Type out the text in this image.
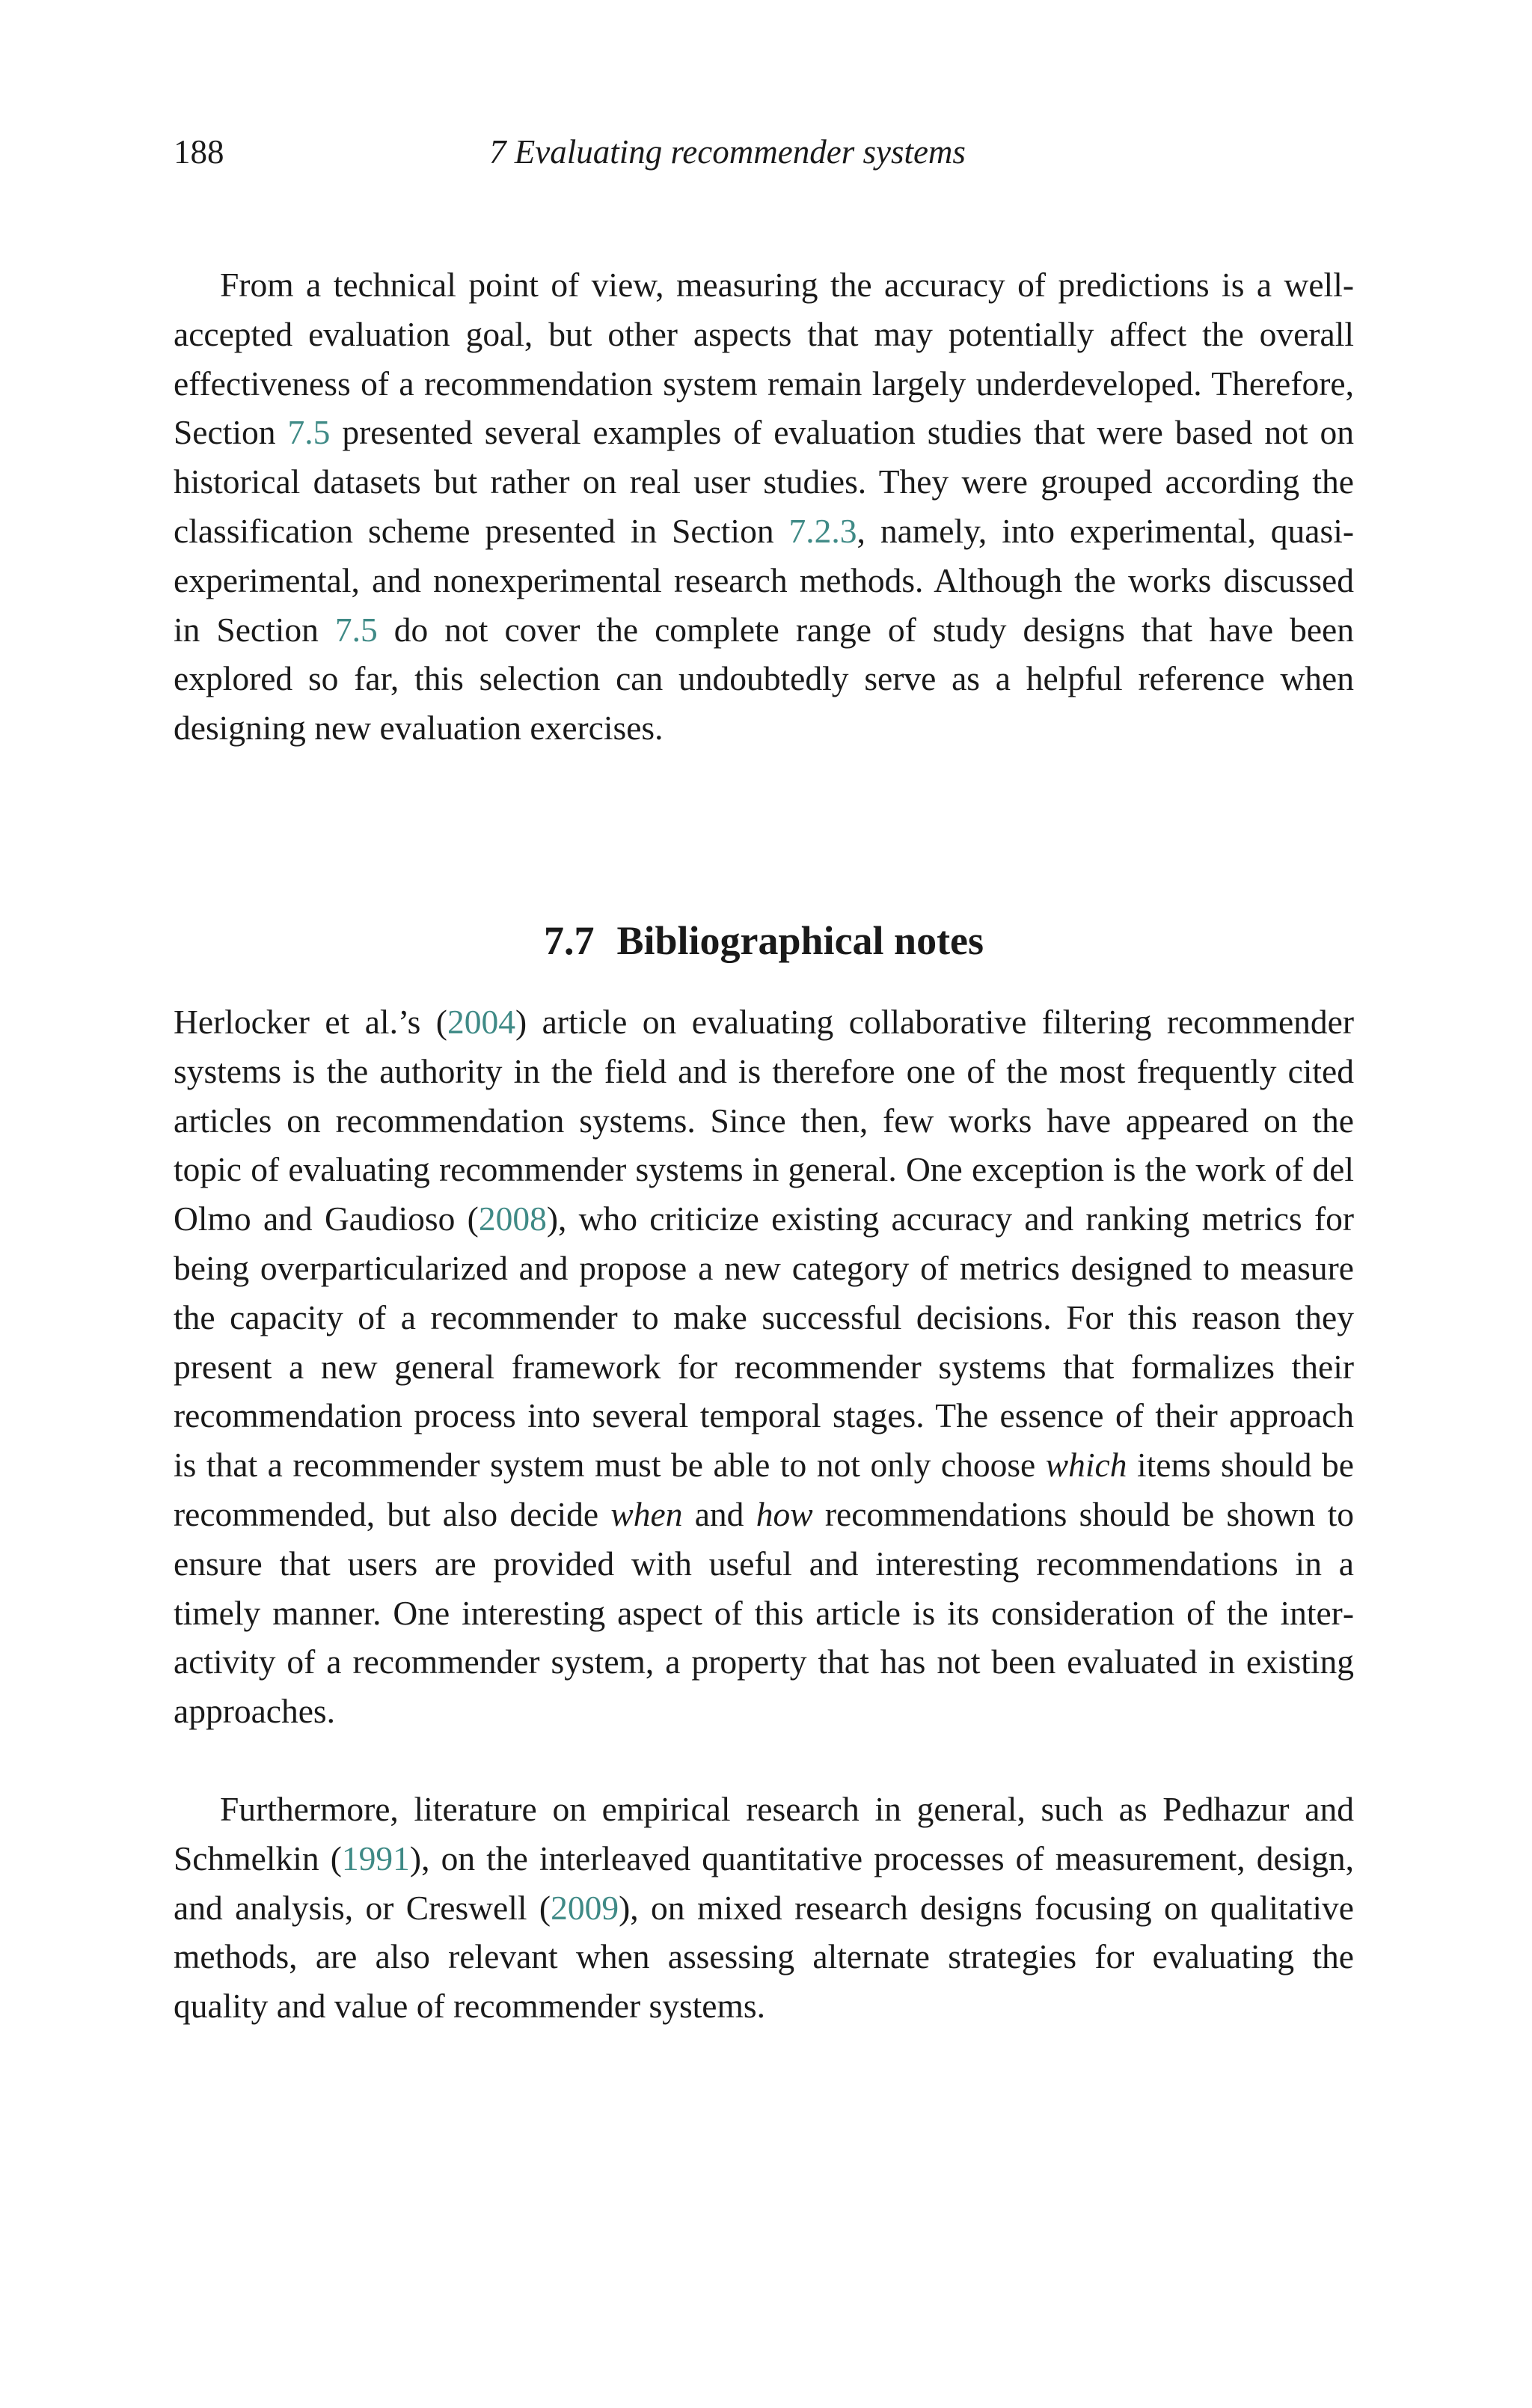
188	7 Evaluating recommender systems

From a technical point of view, measuring the accuracy of predictions is a well-accepted evaluation goal, but other aspects that may potentially affect the overall effectiveness of a recommendation system remain largely underdeveloped. Therefore, Section 7.5 presented several examples of evaluation studies that were based not on historical datasets but rather on real user studies. They were grouped according the classification scheme presented in Section 7.2.3, namely, into experimental, quasi-experimental, and nonexperimental research methods. Although the works discussed in Section 7.5 do not cover the complete range of study designs that have been explored so far, this selection can undoubtedly serve as a helpful reference when designing new evaluation exercises.

7.7 Bibliographical notes

Herlocker et al.’s (2004) article on evaluating collaborative filtering recommender systems is the authority in the field and is therefore one of the most frequently cited articles on recommendation systems. Since then, few works have appeared on the topic of evaluating recommender systems in general. One exception is the work of del Olmo and Gaudioso (2008), who criticize existing accuracy and ranking metrics for being overparticularized and propose a new category of metrics designed to measure the capacity of a recommender to make successful decisions. For this reason they present a new general framework for recommender systems that formalizes their recommendation process into several temporal stages. The essence of their approach is that a recommender system must be able to not only choose which items should be recommended, but also decide when and how recommendations should be shown to ensure that users are provided with useful and interesting recommendations in a timely manner. One interesting aspect of this article is its consideration of the interactivity of a recommender system, a property that has not been evaluated in existing approaches.

Furthermore, literature on empirical research in general, such as Pedhazur and Schmelkin (1991), on the interleaved quantitative processes of measurement, design, and analysis, or Creswell (2009), on mixed research designs focusing on qualitative methods, are also relevant when assessing alternate strategies for evaluating the quality and value of recommender systems.
